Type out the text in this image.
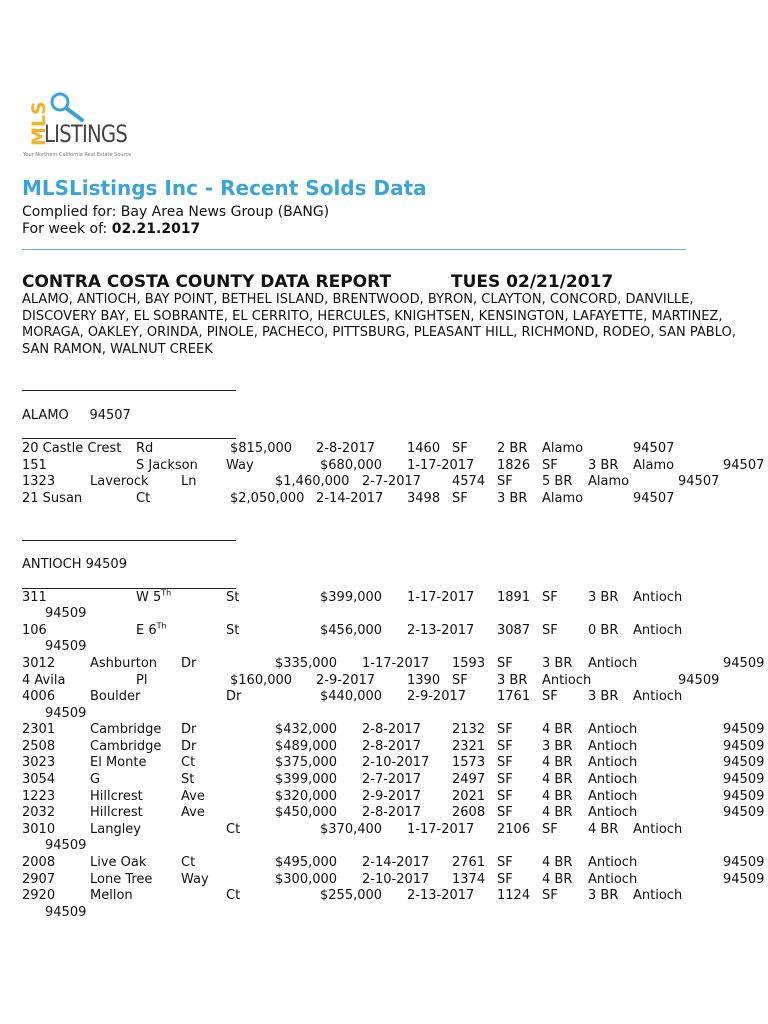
MLS
LISTINGS
Your Northern California Real Estate Source
MLSListings Inc - Recent Solds Data
Complied for: Bay Area News Group (BANG)
For week of: 02.21.2017
CONTRA COSTA COUNTY DATA REPORT	TUES 02/21/2017
ALAMO, ANTIOCH, BAY POINT, BETHEL ISLAND, BRENTWOOD, BYRON, CLAYTON, CONCORD, DANVILLE, DISCOVERY BAY, EL SOBRANTE, EL CERRITO, HERCULES, KNIGHTSEN, KENSINGTON, LAFAYETTE, MARTINEZ, MORAGA, OAKLEY, ORINDA, PINOLE, PACHECO, PITTSBURG, PLEASANT HILL, RICHMOND, RODEO, SAN PABLO, SAN RAMON, WALNUT CREEK
ALAMO     94507
20 Castle Crest Rd	$815,000 2-8-2017 1460 SF 2 BR Alamo	94507
151	S Jackson Way	$680,000 1-17-2017 1826 SF 3 BR Alamo	94507
1323	Laverock Ln	$1,460,000 2-7-2017 4574 SF 5 BR Alamo	94507
21 Susan	Ct	$2,050,000 2-14-2017 3498 SF 3 BR Alamo	94507
ANTIOCH 94509
311	W 5Th	St	$399,000 1-17-2017 1891 SF 3 BR Antioch
94509
106	E 6Th	St	$456,000 2-13-2017 3087 SF 0 BR Antioch
94509
3012	Ashburton Dr	$335,000 1-17-2017 1593 SF 3 BR Antioch	94509
4 Avila	Pl	$160,000 2-9-2017 1390 SF 3 BR Antioch	94509
4006	Boulder	Dr	$440,000 2-9-2017 1761 SF 3 BR Antioch
94509
2301	Cambridge Dr	$432,000 2-8-2017 2132 SF 4 BR Antioch	94509
2508	Cambridge Dr	$489,000 2-8-2017 2321 SF 3 BR Antioch	94509
3023	El Monte	Ct	$375,000 2-10-2017 1573 SF 4 BR Antioch	94509
3054	G	St	$399,000 2-7-2017 2497 SF 4 BR Antioch	94509
1223	Hillcrest	Ave	$320,000 2-9-2017 2021 SF 4 BR Antioch	94509
2032	Hillcrest	Ave	$450,000 2-8-2017 2608 SF 4 BR Antioch	94509
3010	Langley	Ct	$370,400 1-17-2017 2106 SF 4 BR Antioch
94509
2008	Live Oak	Ct	$495,000 2-14-2017 2761 SF 4 BR Antioch	94509
2907	Lone Tree Way	$300,000 2-10-2017 1374 SF 4 BR Antioch	94509
2920	Mellon	Ct	$255,000 2-13-2017 1124 SF 3 BR Antioch
94509
